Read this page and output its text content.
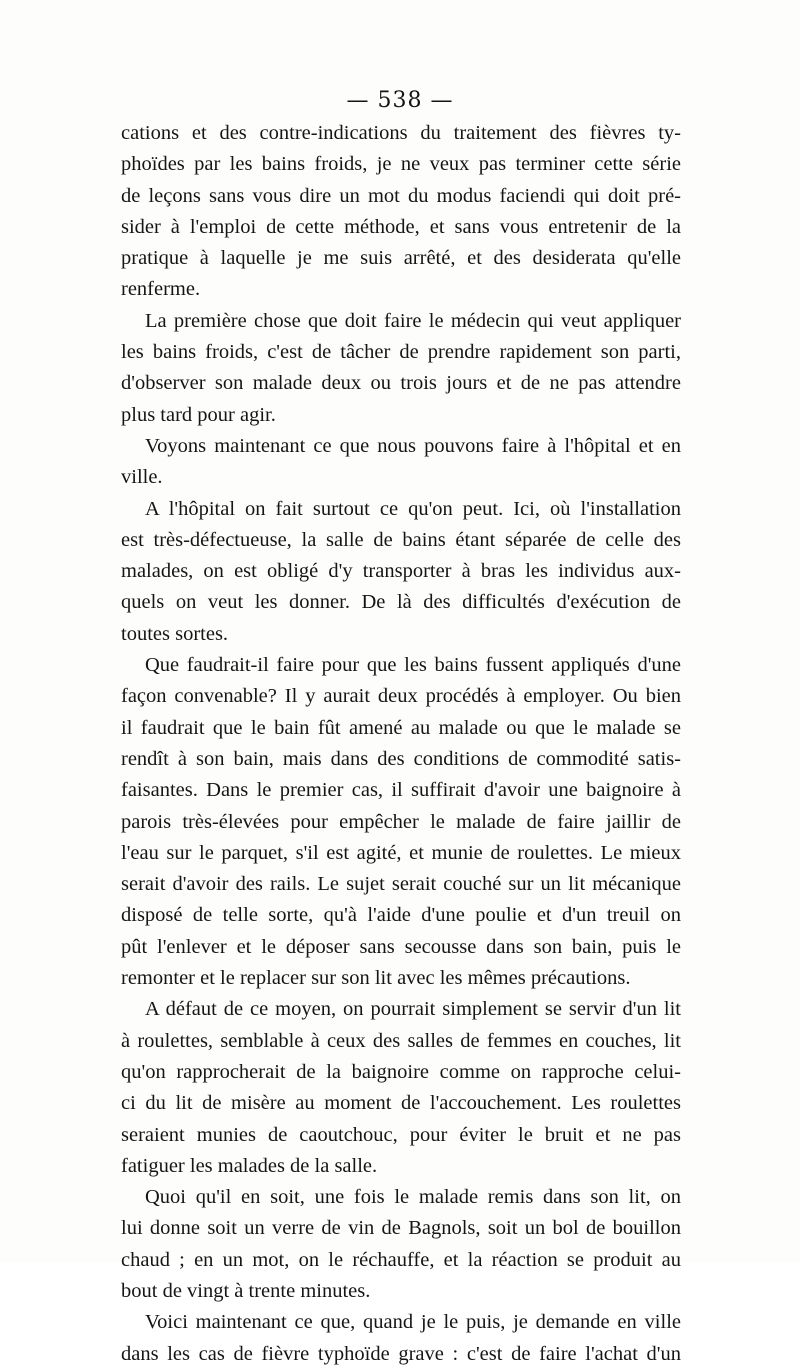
— 538 —
cations et des contre-indications du traitement des fièvres ty-
phoïdes par les bains froids, je ne veux pas terminer cette série
de leçons sans vous dire un mot du modus faciendi qui doit pré-
sider à l'emploi de cette méthode, et sans vous entretenir de la
pratique à laquelle je me suis arrêté, et des desiderata qu'elle
renferme.
La première chose que doit faire le médecin qui veut appliquer
les bains froids, c'est de tâcher de prendre rapidement son parti,
d'observer son malade deux ou trois jours et de ne pas attendre
plus tard pour agir.
Voyons maintenant ce que nous pouvons faire à l'hôpital et en
ville.
A l'hôpital on fait surtout ce qu'on peut. Ici, où l'installation
est très-défectueuse, la salle de bains étant séparée de celle des
malades, on est obligé d'y transporter à bras les individus aux-
quels on veut les donner. De là des difficultés d'exécution de
toutes sortes.
Que faudrait-il faire pour que les bains fussent appliqués d'une
façon convenable? Il y aurait deux procédés à employer. Ou bien
il faudrait que le bain fût amené au malade ou que le malade se
rendît à son bain, mais dans des conditions de commodité satis-
faisantes. Dans le premier cas, il suffirait d'avoir une baignoire à
parois très-élevées pour empêcher le malade de faire jaillir de
l'eau sur le parquet, s'il est agité, et munie de roulettes. Le mieux
serait d'avoir des rails. Le sujet serait couché sur un lit mécanique
disposé de telle sorte, qu'à l'aide d'une poulie et d'un treuil on
pût l'enlever et le déposer sans secousse dans son bain, puis le
remonter et le replacer sur son lit avec les mêmes précautions.
A défaut de ce moyen, on pourrait simplement se servir d'un lit
à roulettes, semblable à ceux des salles de femmes en couches, lit
qu'on rapprocherait de la baignoire comme on rapproche celui-
ci du lit de misère au moment de l'accouchement. Les roulettes
seraient munies de caoutchouc, pour éviter le bruit et ne pas
fatiguer les malades de la salle.
Quoi qu'il en soit, une fois le malade remis dans son lit, on
lui donne soit un verre de vin de Bagnols, soit un bol de bouillon
chaud ; en un mot, on le réchauffe, et la réaction se produit au
bout de vingt à trente minutes.
Voici maintenant ce que, quand je le puis, je demande en ville
dans les cas de fièvre typhoïde grave : c'est de faire l'achat d'un
